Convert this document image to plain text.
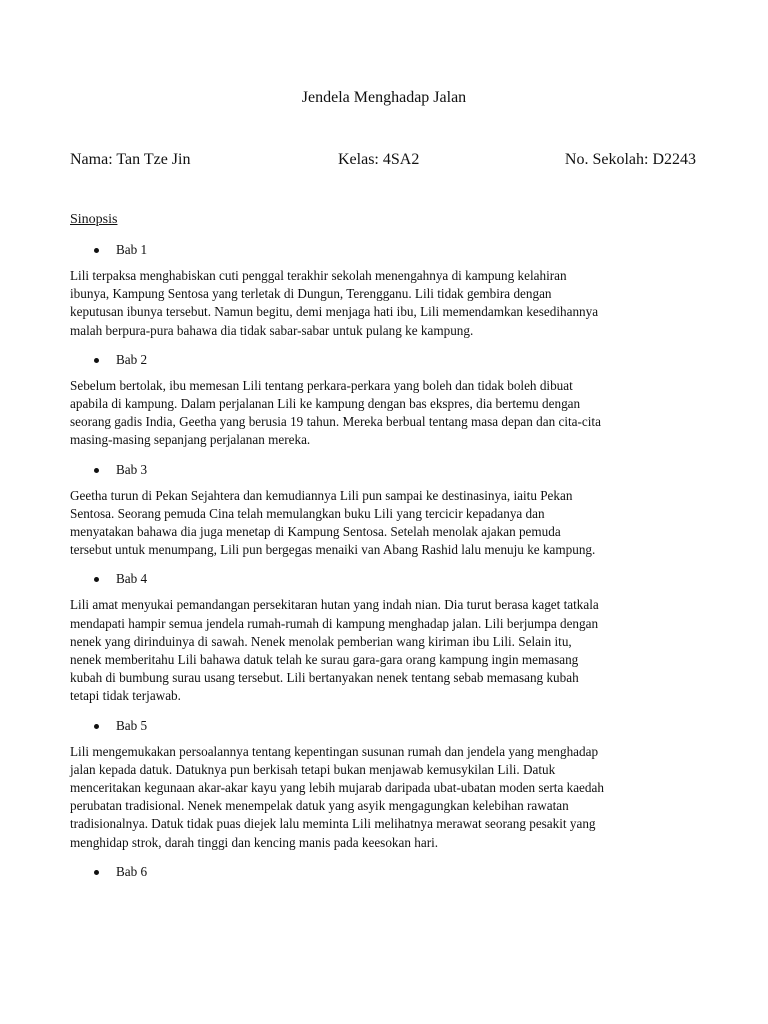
Jendela Menghadap Jalan
Nama: Tan Tze Jin	Kelas: 4SA2	No. Sekolah: D2243
Sinopsis
Bab 1
Lili terpaksa menghabiskan cuti penggal terakhir sekolah menengahnya di kampung kelahiran
ibunya, Kampung Sentosa yang terletak di Dungun, Terengganu. Lili tidak gembira dengan
keputusan ibunya tersebut. Namun begitu, demi menjaga hati ibu, Lili memendamkan kesedihannya
malah berpura-pura bahawa dia tidak sabar-sabar untuk pulang ke kampung.
Bab 2
Sebelum bertolak, ibu memesan Lili tentang perkara-perkara yang boleh dan tidak boleh dibuat
apabila di kampung. Dalam perjalanan Lili ke kampung dengan bas ekspres, dia bertemu dengan
seorang gadis India, Geetha yang berusia 19 tahun. Mereka berbual tentang masa depan dan cita-cita
masing-masing sepanjang perjalanan mereka.
Bab 3
Geetha turun di Pekan Sejahtera dan kemudiannya Lili pun sampai ke destinasinya, iaitu Pekan
Sentosa. Seorang pemuda Cina telah memulangkan buku Lili yang tercicir kepadanya dan
menyatakan bahawa dia juga menetap di Kampung Sentosa. Setelah menolak ajakan pemuda
tersebut untuk menumpang, Lili pun bergegas menaiki van Abang Rashid lalu menuju ke kampung.
Bab 4
Lili amat menyukai pemandangan persekitaran hutan yang indah nian. Dia turut berasa kaget tatkala
mendapati hampir semua jendela rumah-rumah di kampung menghadap jalan. Lili berjumpa dengan
nenek yang dirinduinya di sawah. Nenek menolak pemberian wang kiriman ibu Lili. Selain itu,
nenek memberitahu Lili bahawa datuk telah ke surau gara-gara orang kampung ingin memasang
kubah di bumbung surau usang tersebut. Lili bertanyakan nenek tentang sebab memasang kubah
tetapi tidak terjawab.
Bab 5
Lili mengemukakan persoalannya tentang kepentingan susunan rumah dan jendela yang menghadap
jalan kepada datuk. Datuknya pun berkisah tetapi bukan menjawab kemusykilan Lili. Datuk
menceritakan kegunaan akar-akar kayu yang lebih mujarab daripada ubat-ubatan moden serta kaedah
perubatan tradisional. Nenek menempelak datuk yang asyik mengagungkan kelebihan rawatan
tradisionalnya. Datuk tidak puas diejek lalu meminta Lili melihatnya merawat seorang pesakit yang
menghidap strok, darah tinggi dan kencing manis pada keesokan hari.
Bab 6
